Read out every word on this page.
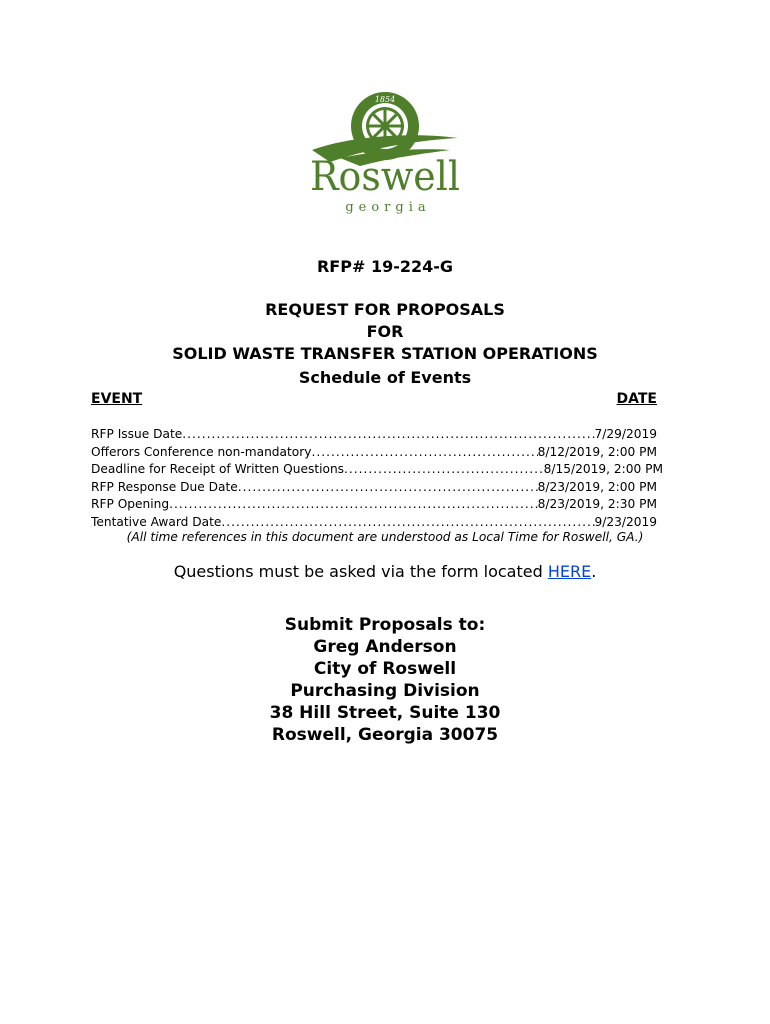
1854
Roswell
georgia
RFP# 19-224-G
REQUEST FOR PROPOSALS
FOR
SOLID WASTE TRANSFER STATION OPERATIONS
Schedule of Events
EVENT	DATE
RFP Issue Date .....	7/29/2019
Offerors Conference non-mandatory .....	8/12/2019, 2:00 PM
Deadline for Receipt of Written Questions .....	8/15/2019, 2:00 PM
RFP Response Due Date .....	8/23/2019, 2:00 PM
RFP Opening .....	8/23/2019, 2:30 PM
Tentative Award Date .....	9/23/2019
(All time references in this document are understood as Local Time for Roswell, GA.)
Questions must be asked via the form located HERE.
Submit Proposals to:
Greg Anderson
City of Roswell
Purchasing Division
38 Hill Street, Suite 130
Roswell, Georgia 30075
